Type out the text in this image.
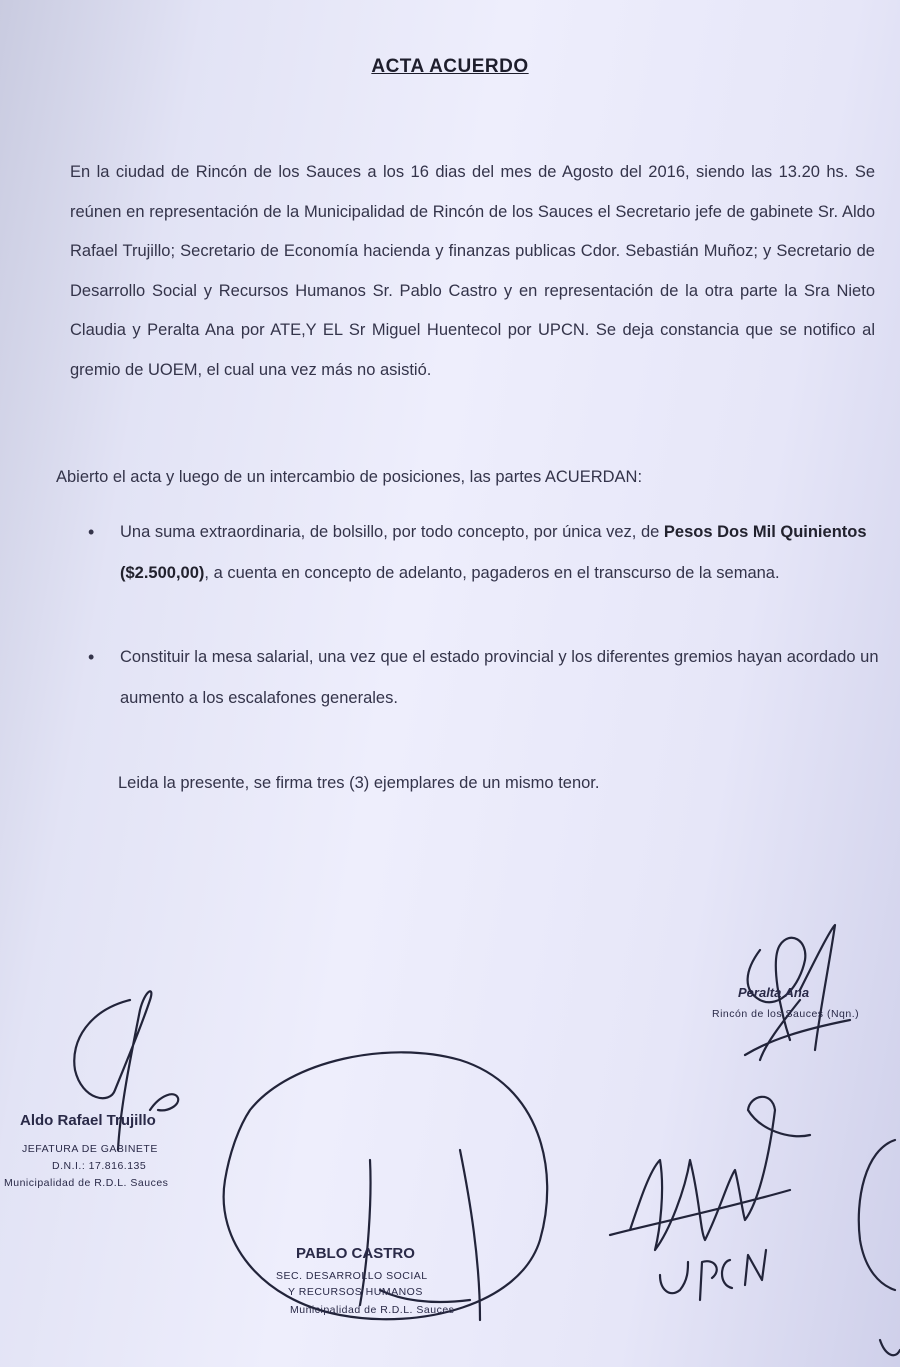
ACTA ACUERDO
En la ciudad de Rincón de los Sauces a los 16 dias del mes de Agosto del 2016, siendo las 13.20 hs. Se reúnen en representación de la Municipalidad de Rincón de los Sauces el Secretario jefe de gabinete Sr. Aldo Rafael Trujillo; Secretario de Economía hacienda y finanzas publicas Cdor. Sebastián Muñoz; y Secretario de Desarrollo Social y Recursos Humanos Sr. Pablo Castro y en representación de la otra parte la Sra Nieto Claudia y Peralta Ana por ATE,Y EL Sr Miguel Huentecol por UPCN. Se deja constancia que se notifico al gremio de UOEM, el cual una vez más no asistió.
Abierto el acta y luego de un intercambio de posiciones, las partes ACUERDAN:
•	Una suma extraordinaria, de bolsillo, por todo concepto, por única vez, de Pesos Dos Mil Quinientos ($2.500,00), a cuenta en concepto de adelanto, pagaderos en el transcurso de la semana.
•	Constituir la mesa salarial, una vez que el estado provincial y los diferentes gremios hayan acordado un aumento a los escalafones generales.
Leida la presente, se firma tres (3) ejemplares de un mismo tenor.
Aldo Rafael Trujillo
JEFATURA DE GABINETE
D.N.I.: 17.816.135
Municipalidad de R.D.L. Sauces
PABLO CASTRO
SEC. DESARROLLO SOCIAL
Y RECURSOS HUMANOS
Municipalidad de R.D.L. Sauces
Peralta Ana
Rincón de los Sauces (Nqn.)
